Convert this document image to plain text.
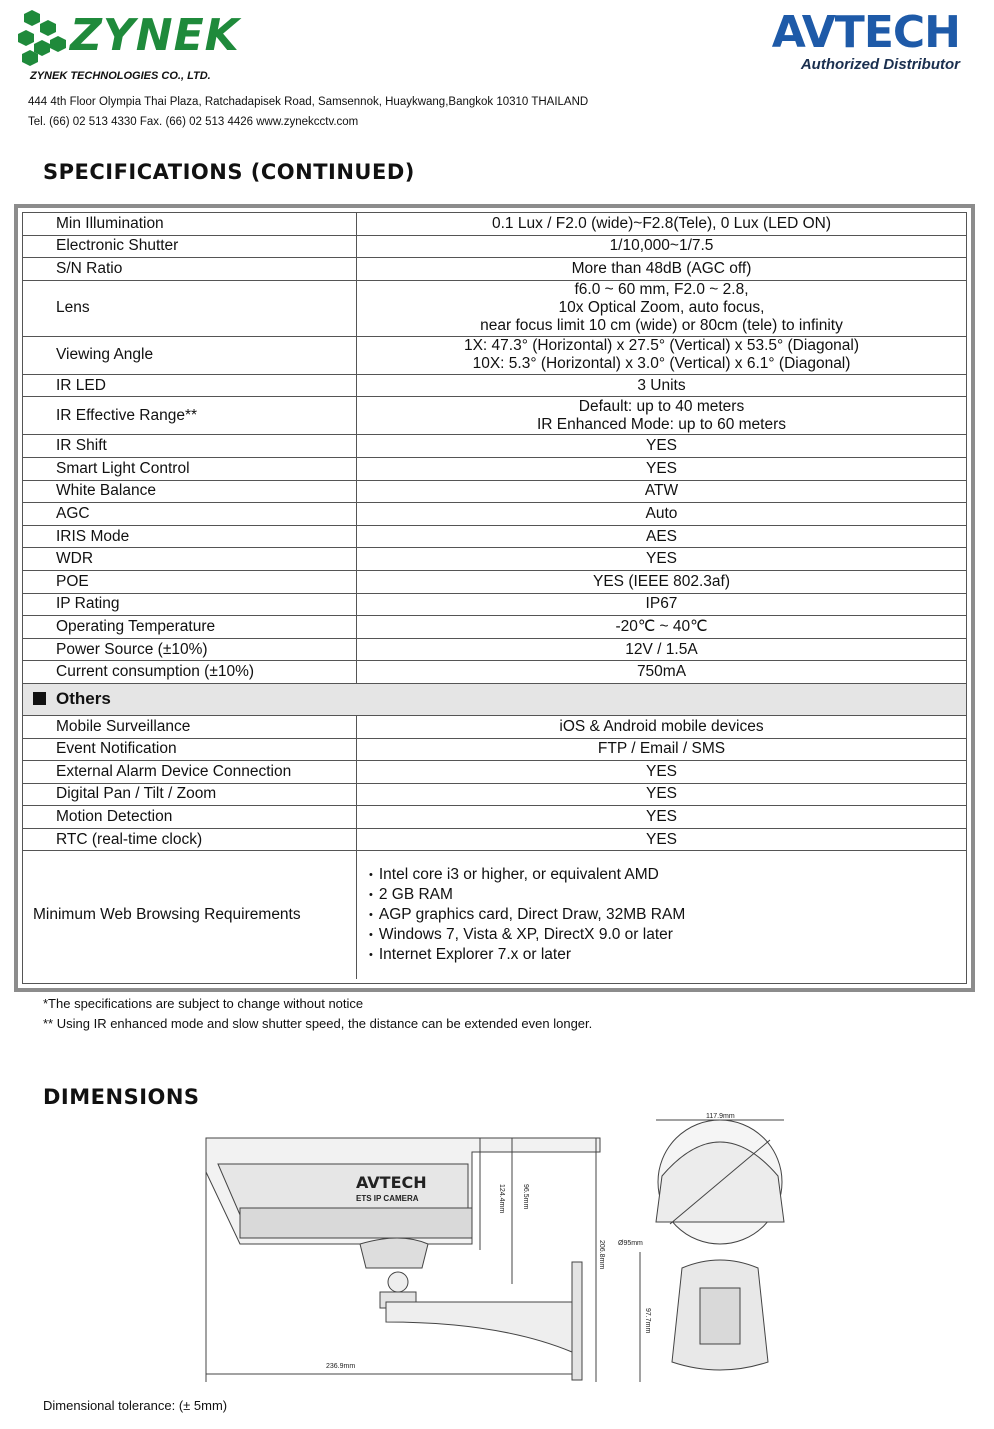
ZYNEK
ZYNEK TECHNOLOGIES CO., LTD.
444 4th Floor Olympia Thai Plaza, Ratchadapisek Road, Samsennok, Huaykwang,Bangkok 10310 THAILAND
Tel. (66) 02 513 4330 Fax. (66) 02 513 4426 www.zynekcctv.com
AVTECH
Authorized Distributor
SPECIFICATIONS (CONTINUED)
Min Illumination	0.1 Lux / F2.0 (wide)~F2.8(Tele), 0 Lux (LED ON)

Electronic Shutter	1/10,000~1/7.5

S/N Ratio	More than 48dB (AGC off)

Lens	f6.0 ~ 60 mm, F2.0 ~ 2.8,
10x Optical Zoom, auto focus,
near focus limit 10 cm (wide) or 80cm (tele) to infinity

Viewing Angle	1X: 47.3° (Horizontal) x 27.5° (Vertical) x 53.5° (Diagonal)
10X: 5.3° (Horizontal) x 3.0° (Vertical) x 6.1° (Diagonal)

IR LED	3 Units

IR Effective Range**	Default: up to 40 meters
IR Enhanced Mode: up to 60 meters

IR Shift	YES

Smart Light Control	YES

White Balance	ATW

AGC	Auto

IRIS Mode	AES

WDR	YES

POE	YES (IEEE 802.3af)

IP Rating	IP67

Operating Temperature	-20℃ ~ 40℃

Power Source (±10%)	12V / 1.5A

Current consumption (±10%)	750mA

Others	
Mobile Surveillance	iOS & Android mobile devices

Event Notification	FTP / Email / SMS

External Alarm Device Connection	YES

Digital Pan / Tilt / Zoom	YES

Motion Detection	YES

RTC (real-time clock)	YES

Minimum Web Browsing Requirements	• Intel core i3 or higher, or equivalent AMD
• 2 GB RAM
• AGP graphics card, Direct Draw, 32MB RAM
• Windows 7, Vista & XP, DirectX 9.0 or later
• Internet Explorer 7.x or later
*The specifications are subject to change without notice
** Using IR enhanced mode and slow shutter speed, the distance can be extended even longer.
DIMENSIONS
AVTECH
ETS IP CAMERA
236.9mm
124.4mm 96.5mm
206.8mm
117.9mm
Ø95mm
97.7mm
Dimensional tolerance: (± 5mm)
